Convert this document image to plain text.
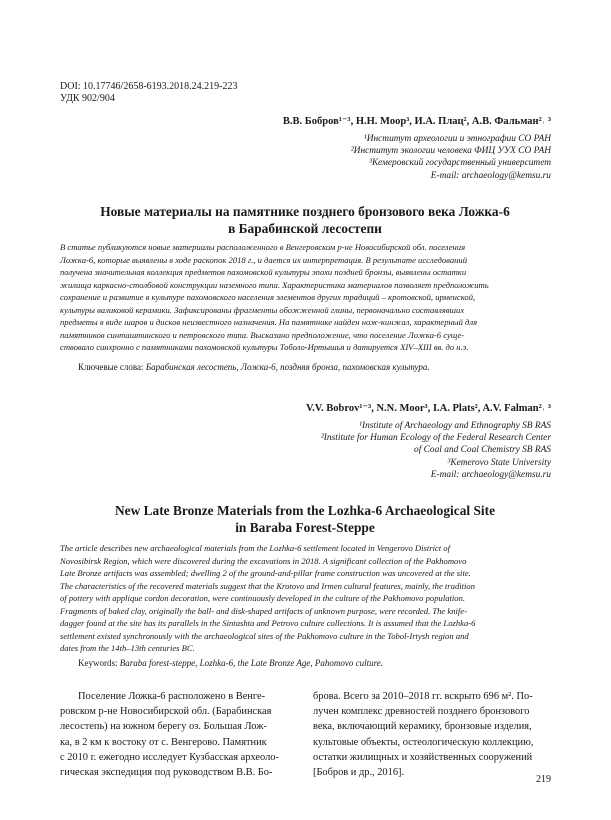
DOI: 10.17746/2658-6193.2018.24.219-223
УДК 902/904
В.В. Бобров¹⁻³, Н.Н. Моор³, И.А. Плац², А.В. Фальман²˒ ³
¹Институт археологии и этнографии СО РАН
²Институт экологии человека ФИЦ УУХ СО РАН
³Кемеровский государственный университет
E-mail: archaeology@kemsu.ru
Новые материалы на памятнике позднего бронзового века Ложка-6
в Барабинской лесостепи
В статье публикуются новые материалы расположенного в Венгеровском р-не Новосибирской обл. поселения
Ложка-6, которые выявлены в ходе раскопок 2018 г., и дается их интерпретация. В результате исследований
получена значительная коллекция предметов пахомовской культуры эпохи поздней бронзы, выявлены остатки
жилища каркасно-столбовой конструкции наземного типа. Характеристика материалов позволяет предположить
сохранение и развитие в культуре пахомовского населения элементов других традиций – кротовской, ирменской,
культуры валиковой керамики. Зафиксированы фрагменты обожженной глины, первоначально составлявших
предметы в виде шаров и дисков неизвестного назначения. На памятнике найден нож-кинжал, характерный для
памятников синташтинского и петровского типа. Высказано предположение, что поселение Ложка-6 суще-
ствовало синхронно с памятниками пахомовской культуры Тоболо-Иртышья и датируется XIV–XIII вв. до н.э.
Ключевые слова: Барабинская лесостепь, Ложка-6, поздняя бронза, пахомовская культура.
V.V. Bobrov¹⁻³, N.N. Moor³, I.A. Plats², A.V. Falman²˒ ³
¹Institute of Archaeology and Ethnography SB RAS
²Institute for Human Ecology of the Federal Research Center
of Coal and Coal Chemistry SB RAS
³Kemerovo State University
E-mail: archaeology@kemsu.ru
New Late Bronze Materials from the Lozhka-6 Archaeological Site
in Baraba Forest-Steppe
The article describes new archaeological materials from the Lozhka-6 settlement located in Vengerovo District of
Novosibirsk Region, which were discovered during the excavations in 2018. A significant collection of the Pakhomovo
Late Bronze artifacts was assembled; dwelling 2 of the ground-and-pillar frame construction was uncovered at the site.
The characteristics of the recovered materials suggest that the Krotovo and Irmen cultural features, mainly, the tradition
of pottery with applique cordon decoration, were continuously developed in the culture of the Pakhomovo population.
Fragments of baked clay, originally the ball- and disk-shaped artifacts of unknown purpose, were recorded. The knife-
dagger found at the site has its parallels in the Sintashta and Petrovo culture collections. It is assumed that the Lozhka-6
settlement existed synchronously with the archaeological sites of the Pakhomovo culture in the Tobol-Irtysh region and
dates from the 14th–13th centuries BC.
Keywords: Baraba forest-steppe, Lozhka-6, the Late Bronze Age, Pahomovo culture.
Поселение Ложка-6 расположено в Венге-
ровском р-не Новосибирской обл. (Барабинская
лесостепь) на южном берегу оз. Большая Лож-
ка, в 2 км к востоку от с. Венгерово. Памятник
с 2010 г. ежегодно исследует Кузбасская археоло-
гическая экспедиция под руководством В.В. Бо-
брова. Всего за 2010–2018 гг. вскрыто 696 м². По-
лучен комплекс древностей позднего бронзового
века, включающий керамику, бронзовые изделия,
культовые объекты, остеологическую коллекцию,
остатки жилищных и хозяйственных сооружений
[Бобров и др., 2016].
219
